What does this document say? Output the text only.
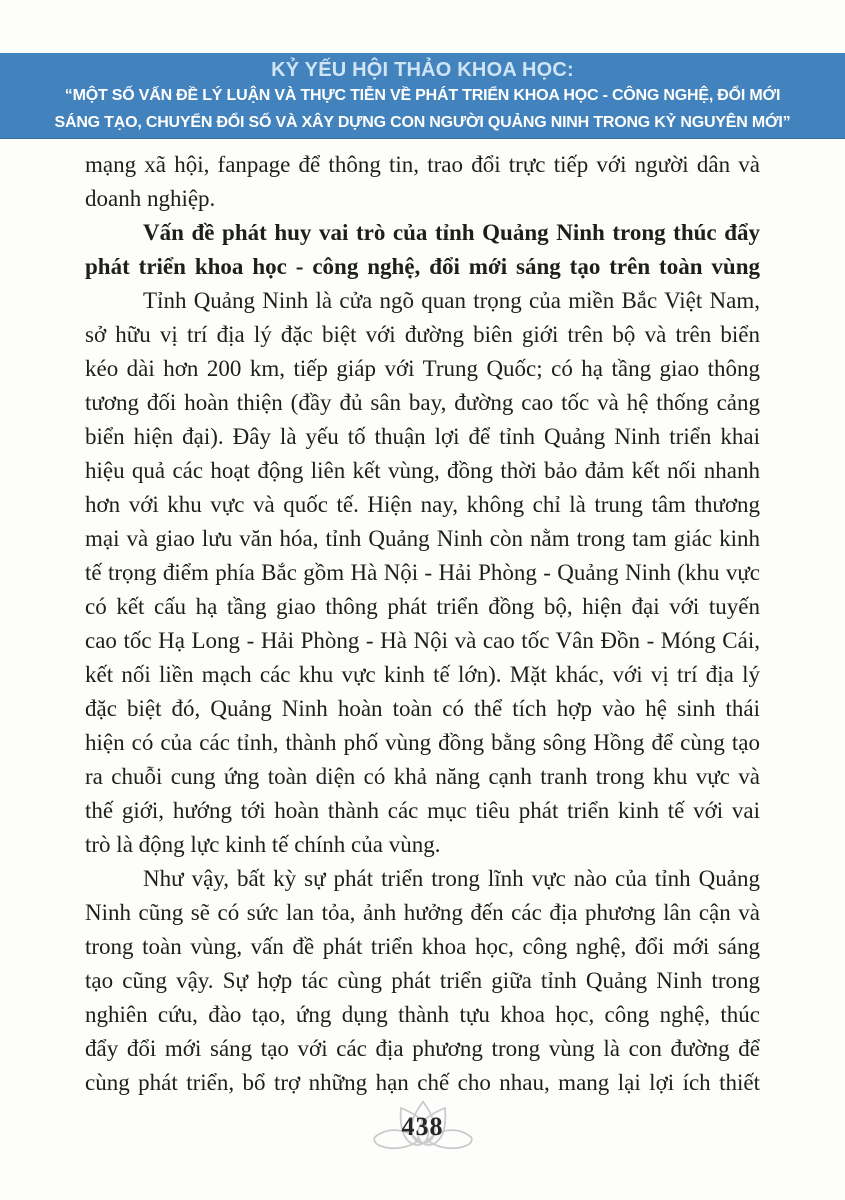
KỶ YẾU HỘI THẢO KHOA HỌC:
“MỘT SỐ VẤN ĐỀ LÝ LUẬN VÀ THỰC TIỄN VỀ PHÁT TRIỂN KHOA HỌC - CÔNG NGHỆ, ĐỔI MỚI
SÁNG TẠO, CHUYỂN ĐỔI SỐ VÀ XÂY DỰNG CON NGƯỜI QUẢNG NINH TRONG KỶ NGUYÊN MỚI”

mạng xã hội, fanpage để thông tin, trao đổi trực tiếp với người dân và

doanh nghiệp.

Vấn đề phát huy vai trò của tỉnh Quảng Ninh trong thúc đẩy

phát triển khoa học - công nghệ, đổi mới sáng tạo trên toàn vùng

Tỉnh Quảng Ninh là cửa ngõ quan trọng của miền Bắc Việt Nam,

sở hữu vị trí địa lý đặc biệt với đường biên giới trên bộ và trên biển

kéo dài hơn 200 km, tiếp giáp với Trung Quốc; có hạ tầng giao thông

tương đối hoàn thiện (đầy đủ sân bay, đường cao tốc và hệ thống cảng

biển hiện đại). Đây là yếu tố thuận lợi để tỉnh Quảng Ninh triển khai

hiệu quả các hoạt động liên kết vùng, đồng thời bảo đảm kết nối nhanh

hơn với khu vực và quốc tế. Hiện nay, không chỉ là trung tâm thương

mại và giao lưu văn hóa, tỉnh Quảng Ninh còn nằm trong tam giác kinh

tế trọng điểm phía Bắc gồm Hà Nội - Hải Phòng - Quảng Ninh (khu vực

có kết cấu hạ tầng giao thông phát triển đồng bộ, hiện đại với tuyến

cao tốc Hạ Long - Hải Phòng - Hà Nội và cao tốc Vân Đồn - Móng Cái,

kết nối liền mạch các khu vực kinh tế lớn). Mặt khác, với vị trí địa lý

đặc biệt đó, Quảng Ninh hoàn toàn có thể tích hợp vào hệ sinh thái

hiện có của các tỉnh, thành phố vùng đồng bằng sông Hồng để cùng tạo

ra chuỗi cung ứng toàn diện có khả năng cạnh tranh trong khu vực và

thế giới, hướng tới hoàn thành các mục tiêu phát triển kinh tế với vai

trò là động lực kinh tế chính của vùng.

Như vậy, bất kỳ sự phát triển trong lĩnh vực nào của tỉnh Quảng

Ninh cũng sẽ có sức lan tỏa, ảnh hưởng đến các địa phương lân cận và

trong toàn vùng, vấn đề phát triển khoa học, công nghệ, đổi mới sáng

tạo cũng vậy. Sự hợp tác cùng phát triển giữa tỉnh Quảng Ninh trong

nghiên cứu, đào tạo, ứng dụng thành tựu khoa học, công nghệ, thúc

đẩy đổi mới sáng tạo với các địa phương trong vùng là con đường để

cùng phát triển, bổ trợ những hạn chế cho nhau, mang lại lợi ích thiết

438
